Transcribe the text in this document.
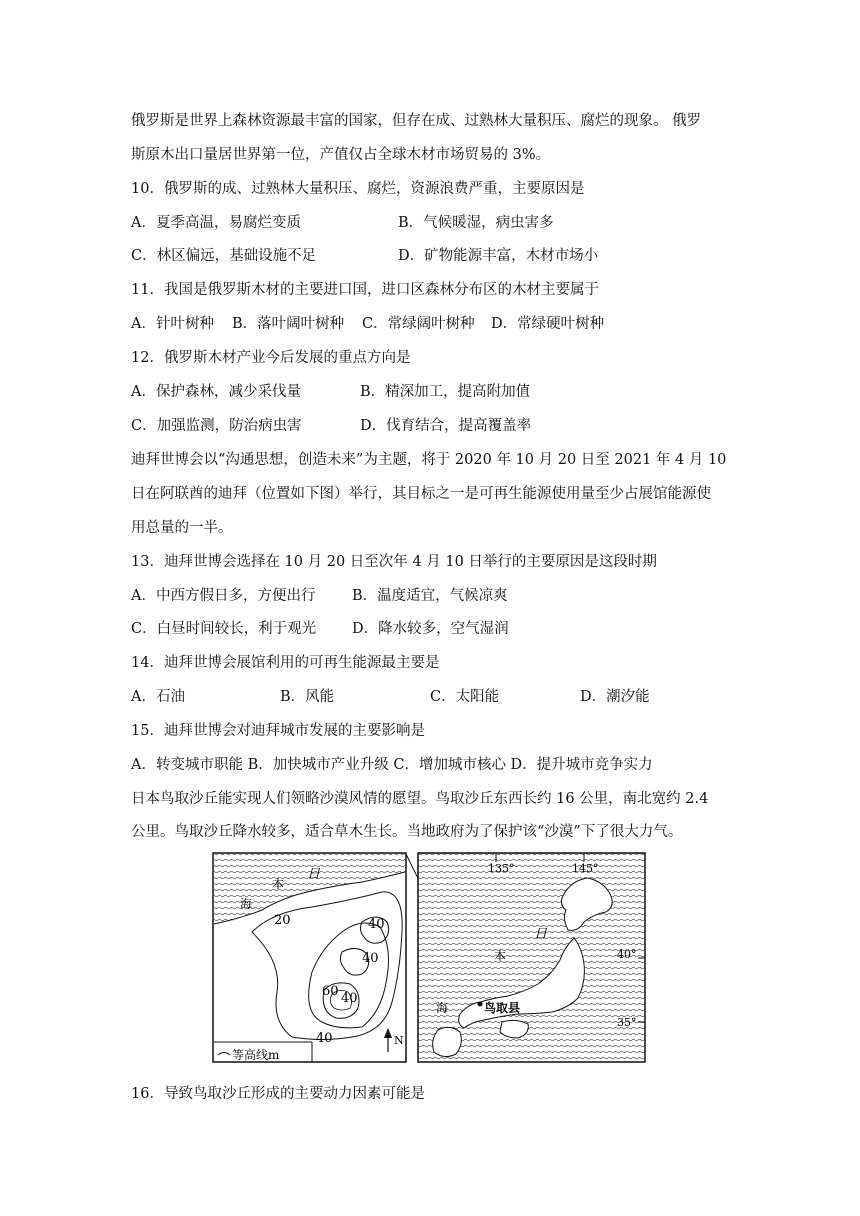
俄罗斯是世界上森林资源最丰富的国家，但存在成、过熟林大量积压、腐烂的现象。 俄罗
斯原木出口量居世界第一位，产值仅占全球木材市场贸易的 3%。
10．俄罗斯的成、过熟林大量积压、腐烂，资源浪费严重，主要原因是
A．夏季高温，易腐烂变质	B．气候暖湿，病虫害多
C．林区偏远，基础设施不足	D．矿物能源丰富，木材市场小
11．我国是俄罗斯木材的主要进口国，进口区森林分布区的木材主要属于
A．针叶树种 B．落叶阔叶树种 C．常绿阔叶树种 D．常绿硬叶树种
12．俄罗斯木材产业今后发展的重点方向是
A．保护森林，减少采伐量	B．精深加工，提高附加值
C．加强监测，防治病虫害	D．伐育结合，提高覆盖率
迪拜世博会以“沟通思想，创造未来”为主题，将于 2020 年 10 月 20 日至 2021 年 4 月 10
日在阿联酋的迪拜（位置如下图）举行，其目标之一是可再生能源使用量至少占展馆能源使
用总量的一半。
13．迪拜世博会选择在 10 月 20 日至次年 4 月 10 日举行的主要原因是这段时期
A．中西方假日多，方便出行	B．温度适宜，气候凉爽
C．白昼时间较长，利于观光 D．降水较多，空气湿润
14．迪拜世博会展馆利用的可再生能源最主要是
A．石油	B．风能	C．太阳能	D．潮汐能
15．迪拜世博会对迪拜城市发展的主要影响是
A．转变城市职能 B．加快城市产业升级 C．增加城市核心 D．提升城市竞争实力
日本鸟取沙丘能实现人们领略沙漠风情的愿望。鸟取沙丘东西长约 16 公里，南北宽约 2.4
公里。鸟取沙丘降水较多，适合草木生长。当地政府为了保护该“沙漠”下了很大力气。
日
本
海
20	40
40
40
40
60
N
等高线m
135°	145°
40°
35°
日
本
海	鸟取县
16．导致鸟取沙丘形成的主要动力因素可能是
